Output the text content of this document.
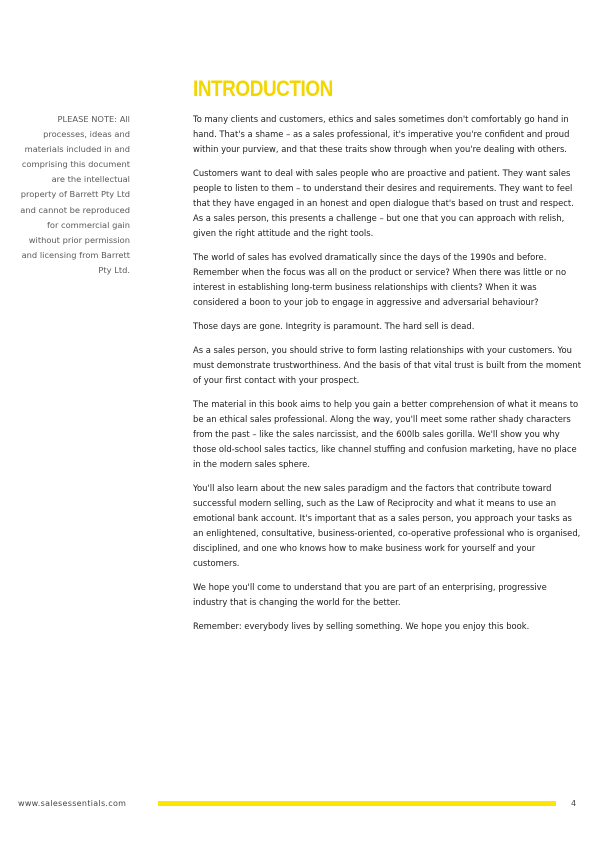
INTRODUCTION

PLEASE NOTE: All processes, ideas and materials included in and comprising this document are the intellectual property of Barrett Pty Ltd and cannot be reproduced for commercial gain without prior permission and licensing from Barrett Pty Ltd.

To many clients and customers, ethics and sales sometimes don't comfortably go hand in hand. That's a shame – as a sales professional, it's imperative you're confident and proud within your purview, and that these traits show through when you're dealing with others.

Customers want to deal with sales people who are proactive and patient. They want sales people to listen to them – to understand their desires and requirements. They want to feel that they have engaged in an honest and open dialogue that's based on trust and respect. As a sales person, this presents a challenge – but one that you can approach with relish, given the right attitude and the right tools.

The world of sales has evolved dramatically since the days of the 1990s and before. Remember when the focus was all on the product or service? When there was little or no interest in establishing long-term business relationships with clients? When it was considered a boon to your job to engage in aggressive and adversarial behaviour?

Those days are gone. Integrity is paramount. The hard sell is dead.

As a sales person, you should strive to form lasting relationships with your customers. You must demonstrate trustworthiness. And the basis of that vital trust is built from the moment of your first contact with your prospect.

The material in this book aims to help you gain a better comprehension of what it means to be an ethical sales professional. Along the way, you'll meet some rather shady characters from the past – like the sales narcissist, and the 600lb sales gorilla. We'll show you why those old-school sales tactics, like channel stuffing and confusion marketing, have no place in the modern sales sphere.

You'll also learn about the new sales paradigm and the factors that contribute toward successful modern selling, such as the Law of Reciprocity and what it means to use an emotional bank account. It's important that as a sales person, you approach your tasks as an enlightened, consultative, business-oriented, co-operative professional who is organised, disciplined, and one who knows how to make business work for yourself and your customers.

We hope you'll come to understand that you are part of an enterprising, progressive industry that is changing the world for the better.

Remember: everybody lives by selling something. We hope you enjoy this book.

www.salesessentials.com	4
